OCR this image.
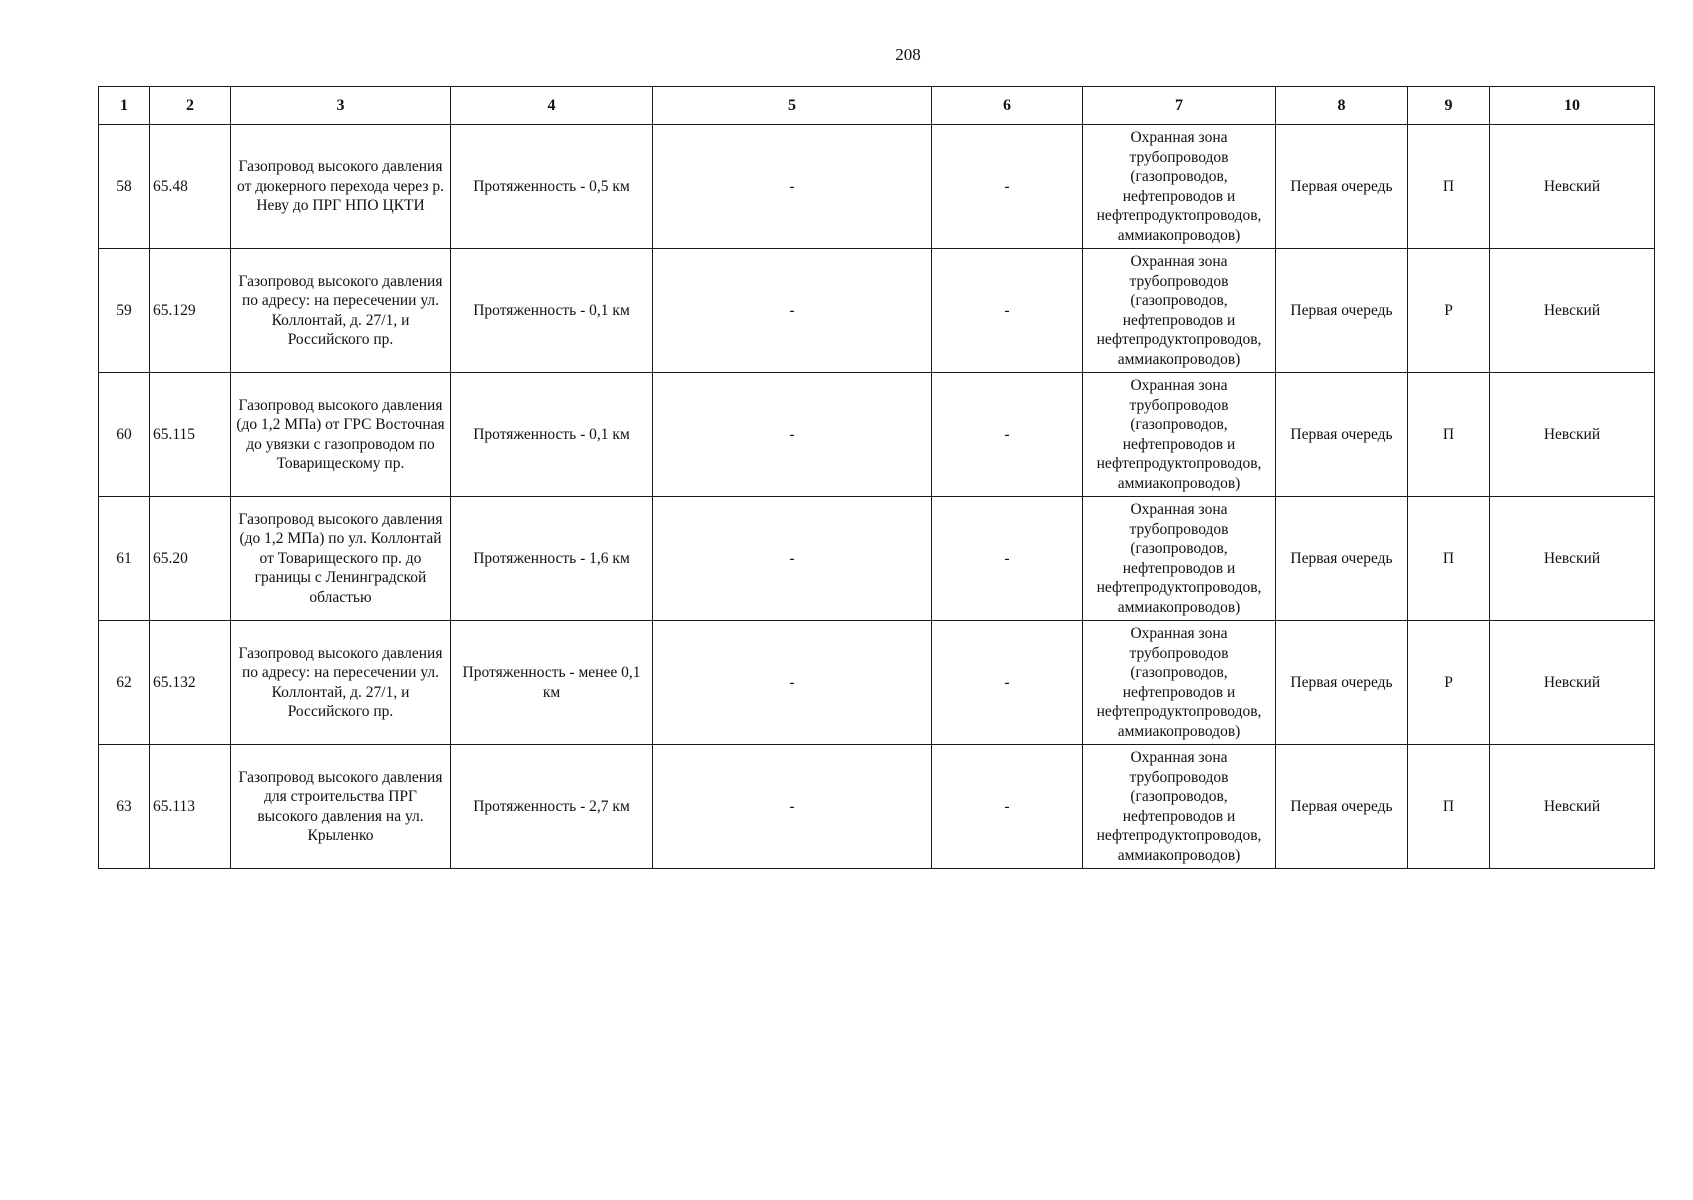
208
1	2	3	4	5	6	7	8	9	10
58	65.48	Газопровод высокого давления от дюкерного перехода через р. Неву до ПРГ НПО ЦКТИ	Протяженность - 0,5 км	-	-	Охранная зона трубопроводов (газопроводов, нефтепроводов и нефтепродуктопроводов, аммиакопроводов)	Первая очередь	П	Невский
59	65.129	Газопровод высокого давления по адресу: на пересечении ул. Коллонтай, д. 27/1, и Российского пр.	Протяженность - 0,1 км	-	-	Охранная зона трубопроводов (газопроводов, нефтепроводов и нефтепродуктопроводов, аммиакопроводов)	Первая очередь	Р	Невский
60	65.115	Газопровод высокого давления (до 1,2 МПа) от ГРС Восточная до увязки с газопроводом по Товарищескому пр.	Протяженность - 0,1 км	-	-	Охранная зона трубопроводов (газопроводов, нефтепроводов и нефтепродуктопроводов, аммиакопроводов)	Первая очередь	П	Невский
61	65.20	Газопровод высокого давления (до 1,2 МПа) по ул. Коллонтай от Товарищеского пр. до границы с Ленинградской областью	Протяженность - 1,6 км	-	-	Охранная зона трубопроводов (газопроводов, нефтепроводов и нефтепродуктопроводов, аммиакопроводов)	Первая очередь	П	Невский
62	65.132	Газопровод высокого давления по адресу: на пересечении ул. Коллонтай, д. 27/1, и Российского пр.	Протяженность - менее 0,1 км	-	-	Охранная зона трубопроводов (газопроводов, нефтепроводов и нефтепродуктопроводов, аммиакопроводов)	Первая очередь	Р	Невский
63	65.113	Газопровод высокого давления для строительства ПРГ высокого давления на ул. Крыленко	Протяженность - 2,7 км	-	-	Охранная зона трубопроводов (газопроводов, нефтепроводов и нефтепродуктопроводов, аммиакопроводов)	Первая очередь	П	Невский
